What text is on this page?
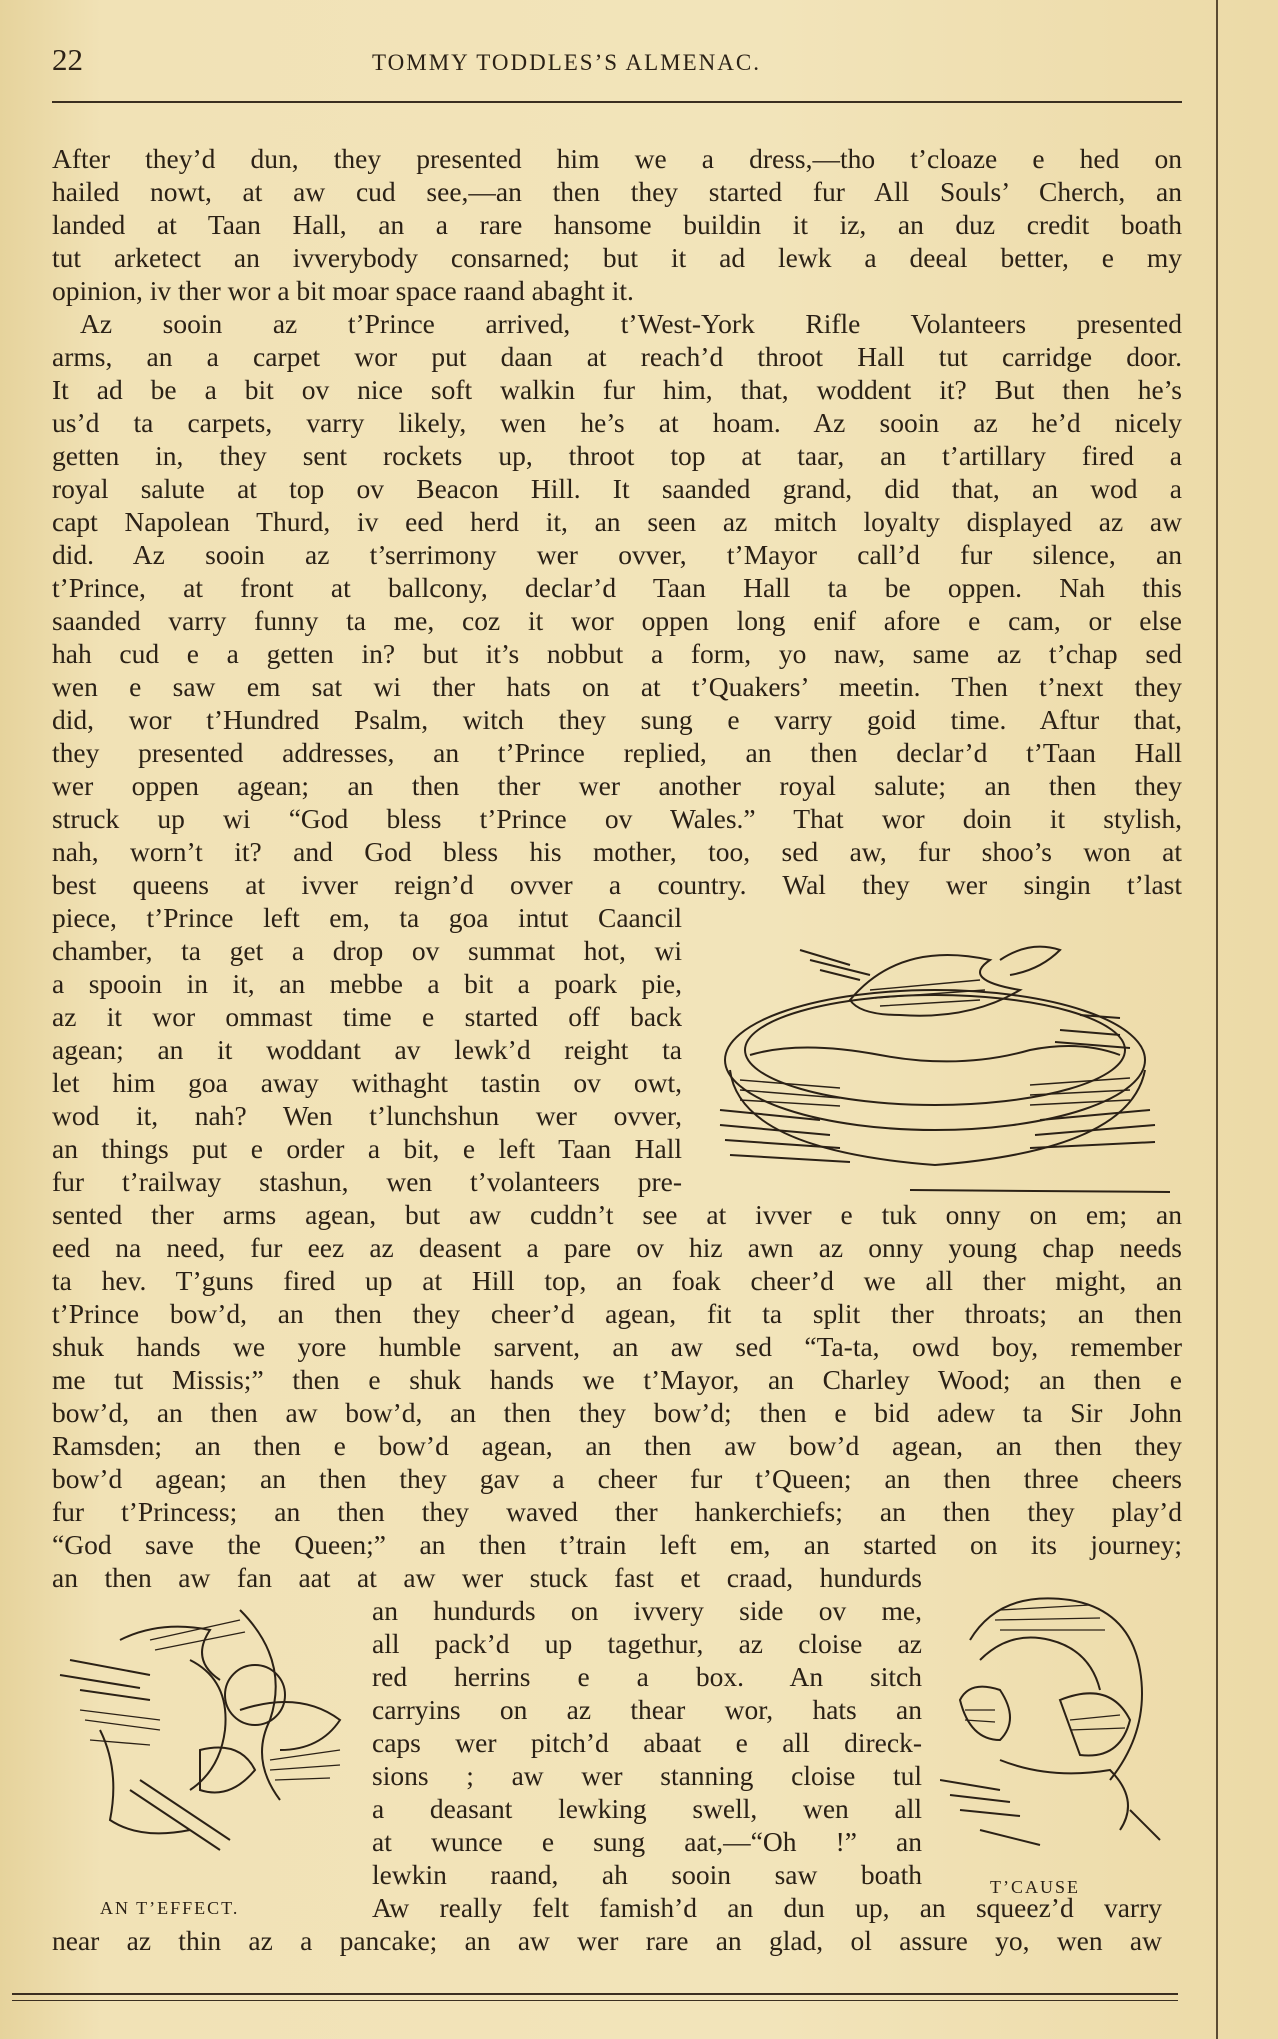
22	TOMMY TODDLES’S ALMENAC.
After they’d dun, they presented him we a dress,—tho t’cloaze e hed on
hailed nowt, at aw cud see,—an then they started fur All Souls’ Cherch, an
landed at Taan Hall, an a rare hansome buildin it iz, an duz credit boath
tut arketect an ivverybody consarned; but it ad lewk a deeal better, e my
opinion, iv ther wor a bit moar space raand abaght it.
Az sooin az t’Prince arrived, t’West-York Rifle Volanteers presented
arms, an a carpet wor put daan at reach’d throot Hall tut carridge door.
It ad be a bit ov nice soft walkin fur him, that, woddent it? But then he’s
us’d ta carpets, varry likely, wen he’s at hoam. Az sooin az he’d nicely
getten in, they sent rockets up, throot top at taar, an t’artillary fired a
royal salute at top ov Beacon Hill. It saanded grand, did that, an wod a
capt Napolean Thurd, iv eed herd it, an seen az mitch loyalty displayed az aw
did. Az sooin az t’serrimony wer ovver, t’Mayor call’d fur silence, an
t’Prince, at front at ballcony, declar’d Taan Hall ta be oppen. Nah this
saanded varry funny ta me, coz it wor oppen long enif afore e cam, or else
hah cud e a getten in? but it’s nobbut a form, yo naw, same az t’chap sed
wen e saw em sat wi ther hats on at t’Quakers’ meetin. Then t’next they
did, wor t’Hundred Psalm, witch they sung e varry goid time. Aftur that,
they presented addresses, an t’Prince replied, an then declar’d t’Taan Hall
wer oppen agean; an then ther wer another royal salute; an then they
struck up wi “God bless t’Prince ov Wales.” That wor doin it stylish,
nah, worn’t it? and God bless his mother, too, sed aw, fur shoo’s won at
best queens at ivver reign’d ovver a country. Wal they wer singin t’last
piece, t’Prince left em, ta goa intut Caancil
chamber, ta get a drop ov summat hot, wi
a spooin in it, an mebbe a bit a poark pie,
az it wor ommast time e started off back
agean; an it woddant av lewk’d reight ta
let him goa away withaght tastin ov owt,
wod it, nah? Wen t’lunchshun wer ovver,
an things put e order a bit, e left Taan Hall
fur t’railway stashun, wen t’volanteers pre-
sented ther arms agean, but aw cuddn’t see at ivver e tuk onny on em; an
eed na need, fur eez az deasent a pare ov hiz awn az onny young chap needs
ta hev. T’guns fired up at Hill top, an foak cheer’d we all ther might, an
t’Prince bow’d, an then they cheer’d agean, fit ta split ther throats; an then
shuk hands we yore humble sarvent, an aw sed “Ta-ta, owd boy, remember
me tut Missis;” then e shuk hands we t’Mayor, an Charley Wood; an then e
bow’d, an then aw bow’d, an then they bow’d; then e bid adew ta Sir John
Ramsden; an then e bow’d agean, an then aw bow’d agean, an then they
bow’d agean; an then they gav a cheer fur t’Queen; an then three cheers
fur t’Princess; an then they waved ther hankerchiefs; an then they play’d
“God save the Queen;” an then t’train left em, an started on its journey;
an then aw fan aat at aw wer stuck fast et craad, hundurds
an hundurds on ivvery side ov me,
all pack’d up tagethur, az cloise az
red herrins e a box. An sitch
carryins on az thear wor, hats an
caps wer pitch’d abaat e all direck-
sions ; aw wer stanning cloise tul
a deasant lewking swell, wen all
at wunce e sung aat,—“Oh !” an
lewkin raand, ah sooin saw boath
AN T’EFFECT.
T’CAUSE
Aw really felt famish’d an dun up, an squeez’d varry
near az thin az a pancake; an aw wer rare an glad, ol assure yo, wen aw
